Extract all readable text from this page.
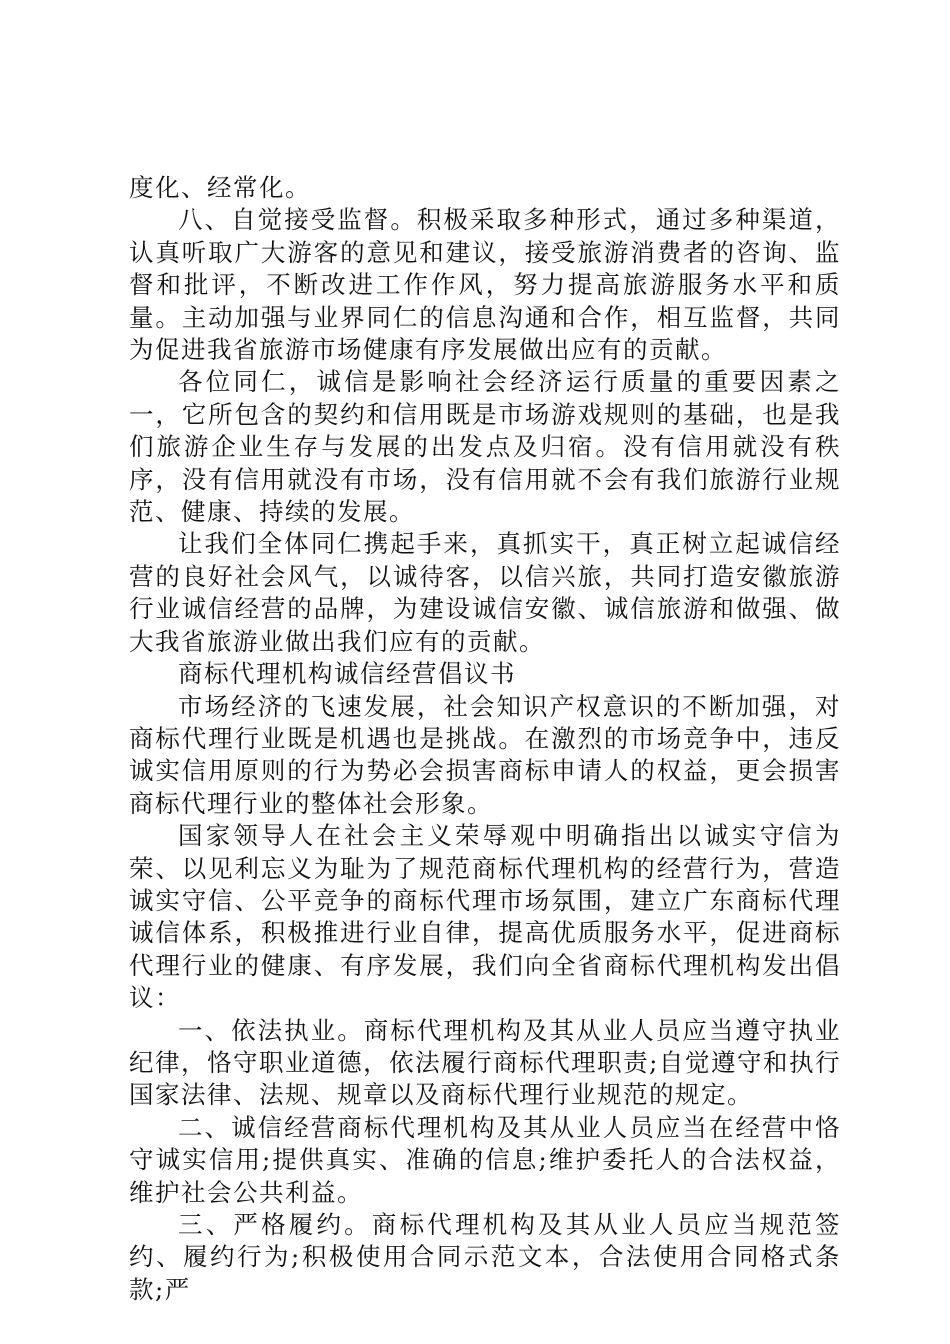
度化、经常化。

八、自觉接受监督。积极采取多种形式，通过多种渠道，认真听取广大游客的意见和建议，接受旅游消费者的咨询、监督和批评，不断改进工作作风，努力提高旅游服务水平和质量。主动加强与业界同仁的信息沟通和合作，相互监督，共同为促进我省旅游市场健康有序发展做出应有的贡献。

各位同仁，诚信是影响社会经济运行质量的重要因素之一，它所包含的契约和信用既是市场游戏规则的基础，也是我们旅游企业生存与发展的出发点及归宿。没有信用就没有秩序，没有信用就没有市场，没有信用就不会有我们旅游行业规范、健康、持续的发展。

让我们全体同仁携起手来，真抓实干，真正树立起诚信经营的良好社会风气，以诚待客，以信兴旅，共同打造安徽旅游行业诚信经营的品牌，为建设诚信安徽、诚信旅游和做强、做大我省旅游业做出我们应有的贡献。

商标代理机构诚信经营倡议书

市场经济的飞速发展，社会知识产权意识的不断加强，对商标代理行业既是机遇也是挑战。在激烈的市场竞争中，违反诚实信用原则的行为势必会损害商标申请人的权益，更会损害商标代理行业的整体社会形象。

国家领导人在社会主义荣辱观中明确指出以诚实守信为荣、以见利忘义为耻为了规范商标代理机构的经营行为，营造诚实守信、公平竞争的商标代理市场氛围，建立广东商标代理诚信体系，积极推进行业自律，提高优质服务水平，促进商标代理行业的健康、有序发展，我们向全省商标代理机构发出倡议：

一、依法执业。商标代理机构及其从业人员应当遵守执业纪律，恪守职业道德，依法履行商标代理职责;自觉遵守和执行国家法律、法规、规章以及商标代理行业规范的规定。

二、诚信经营商标代理机构及其从业人员应当在经营中恪守诚实信用;提供真实、准确的信息;维护委托人的合法权益，维护社会公共利益。

三、严格履约。商标代理机构及其从业人员应当规范签约、履约行为;积极使用合同示范文本，合法使用合同格式条款;严
